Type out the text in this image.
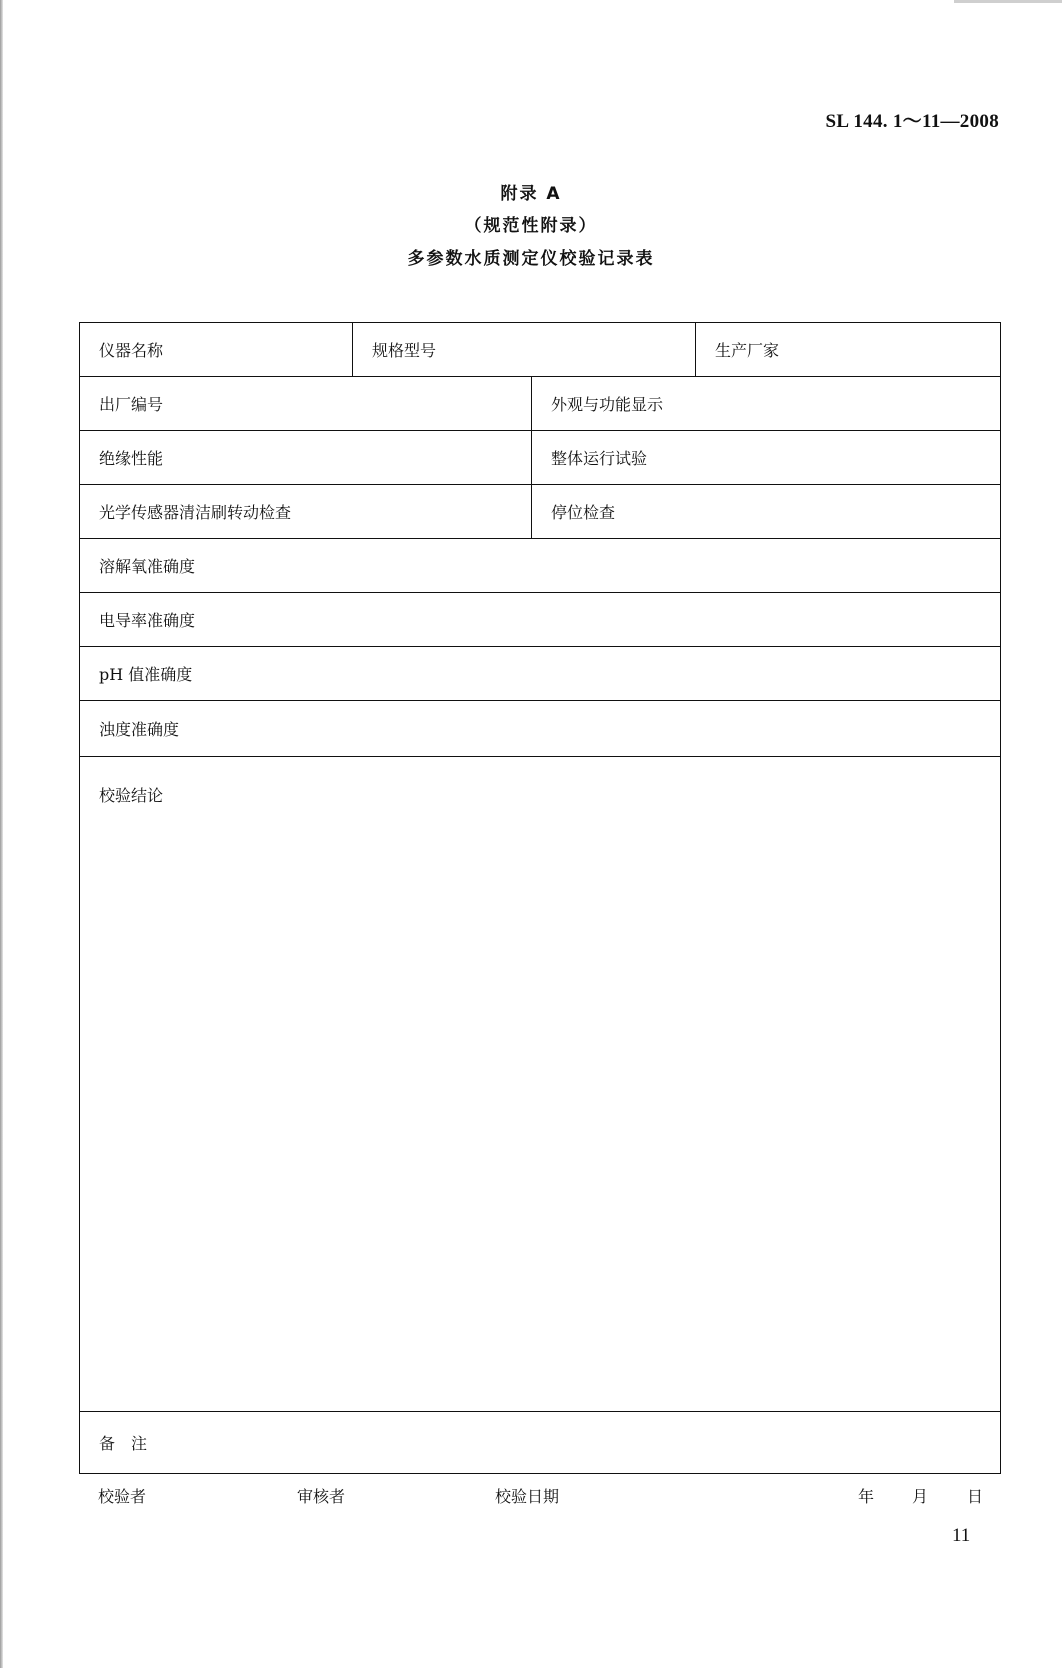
SL 144. 1～11—2008
附录 A
（规范性附录）
多参数水质测定仪校验记录表
仪器名称	规格型号	生产厂家
出厂编号	外观与功能显示
绝缘性能	整体运行试验
光学传感器清洁刷转动检查	停位检查
溶解氧准确度
电导率准确度
pH 值准确度
浊度准确度
校验结论
备　注
校验者	审核者	校验日期	年 月 日
11
